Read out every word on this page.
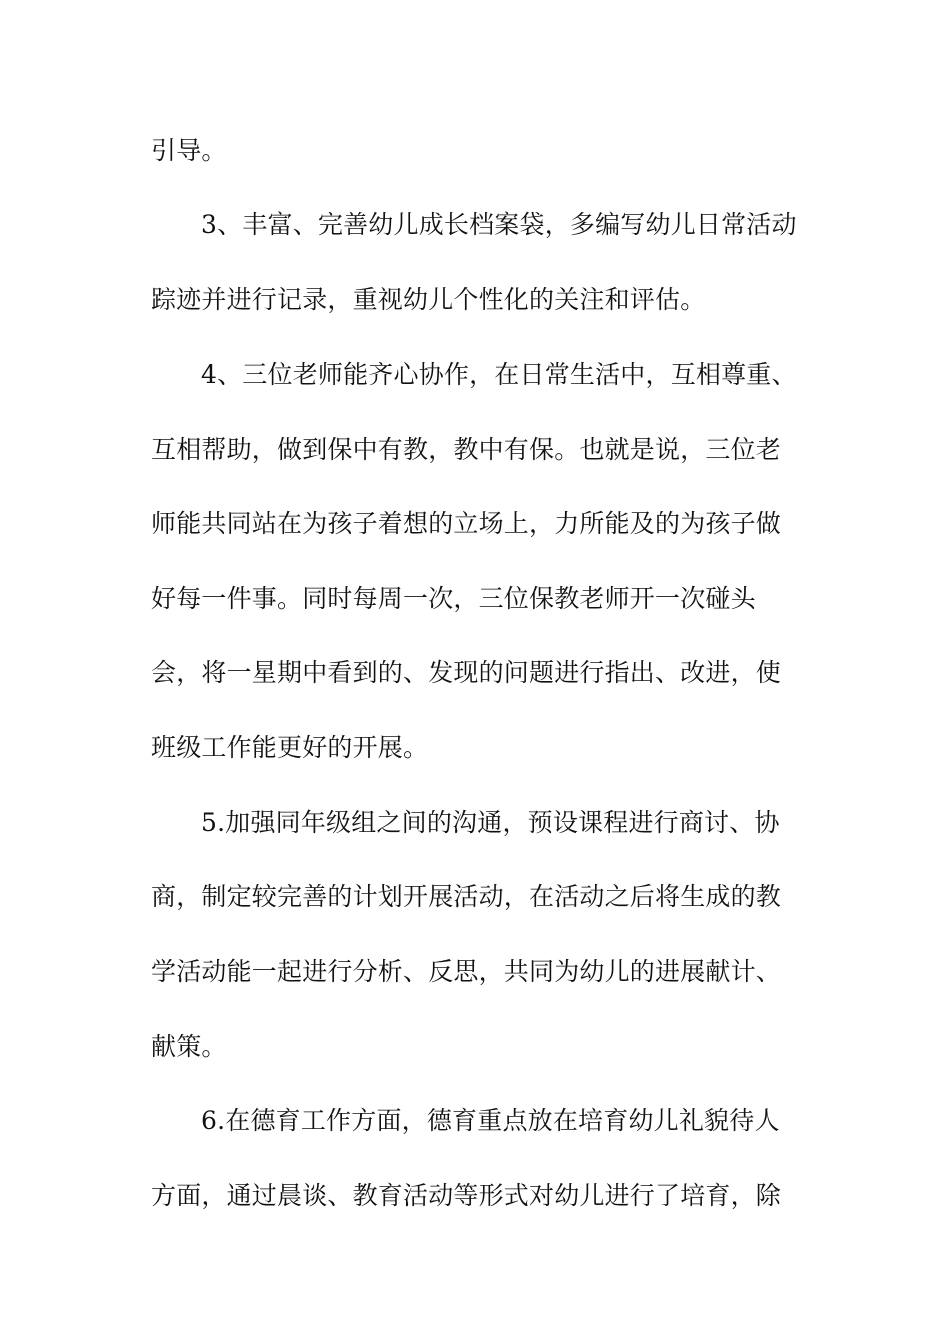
引导。
3、丰富、完善幼儿成长档案袋，多编写幼儿日常活动
踪迹并进行记录，重视幼儿个性化的关注和评估。
4、三位老师能齐心协作，在日常生活中，互相尊重、
互相帮助，做到保中有教，教中有保。也就是说，三位老
师能共同站在为孩子着想的立场上，力所能及的为孩子做
好每一件事。同时每周一次，三位保教老师开一次碰头
会，将一星期中看到的、发现的问题进行指出、改进，使
班级工作能更好的开展。
5.加强同年级组之间的沟通，预设课程进行商讨、协
商，制定较完善的计划开展活动，在活动之后将生成的教
学活动能一起进行分析、反思，共同为幼儿的进展献计、
献策。
6.在德育工作方面，德育重点放在培育幼儿礼貌待人
方面，通过晨谈、教育活动等形式对幼儿进行了培育，除
